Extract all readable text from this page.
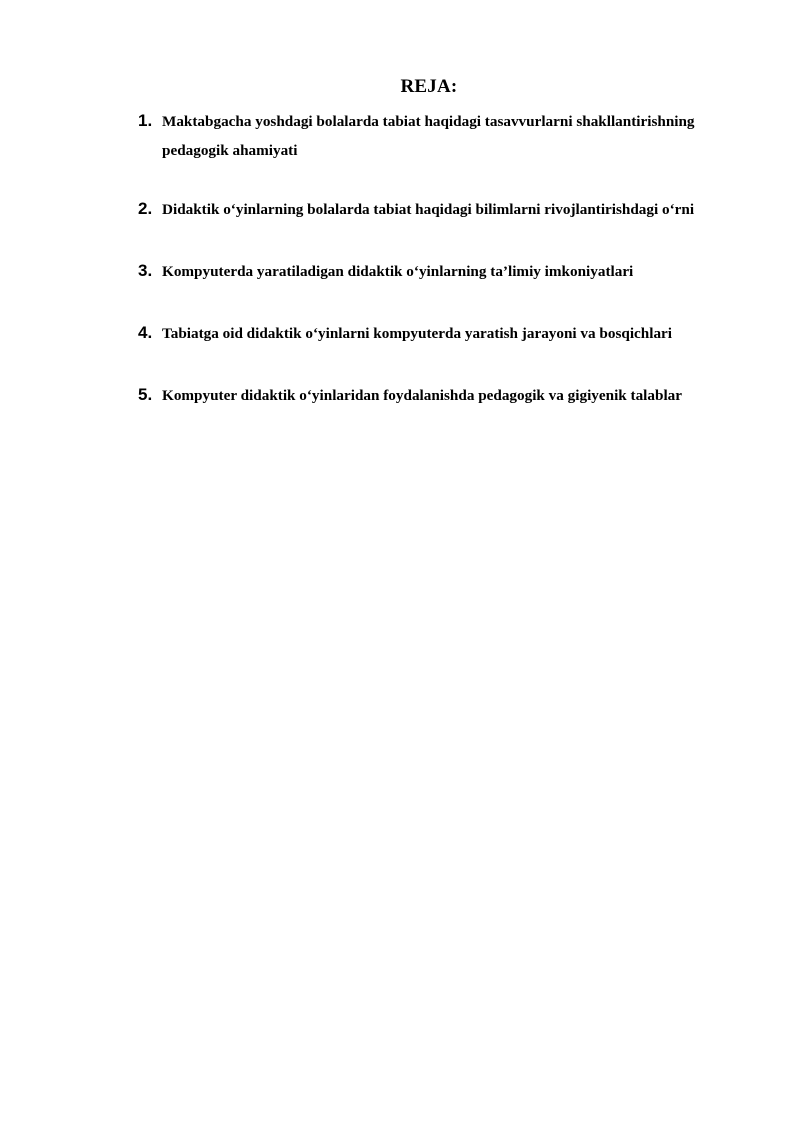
REJA:
1. Maktabgacha yoshdagi bolalarda tabiat haqidagi tasavvurlarni shakllantirishning pedagogik ahamiyati
2. Didaktik o‘yinlarning bolalarda tabiat haqidagi bilimlarni rivojlantirishdagi o‘rni
3. Kompyuterda yaratiladigan didaktik o‘yinlarning ta’limiy imkoniyatlari
4. Tabiatga oid didaktik o‘yinlarni kompyuterda yaratish jarayoni va bosqichlari
5. Kompyuter didaktik o‘yinlaridan foydalanishda pedagogik va gigiyenik talablar
